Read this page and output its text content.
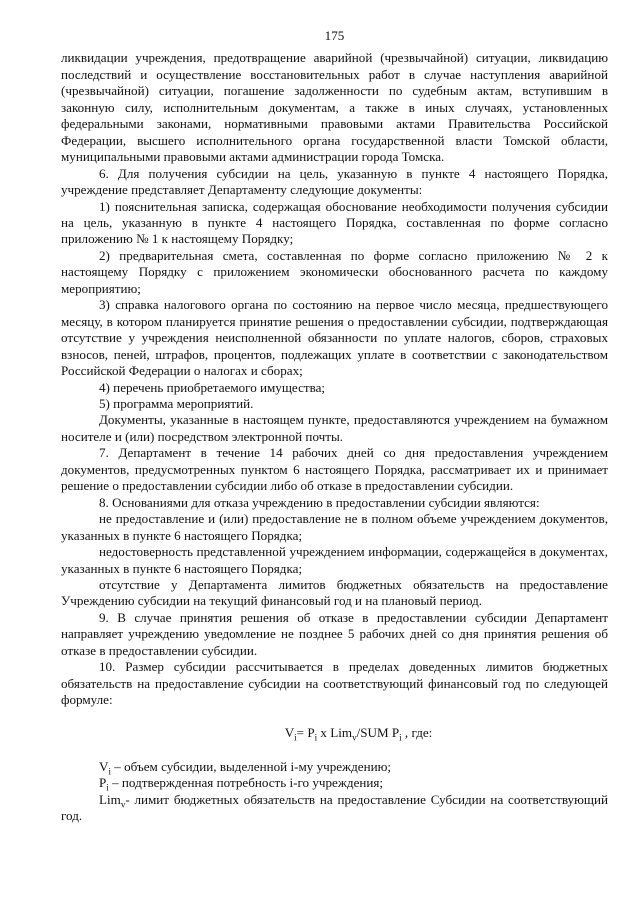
175

ликвидации учреждения, предотвращение аварийной (чрезвычайной) ситуации, ликвидацию последствий и осуществление восстановительных работ в случае наступления аварийной (чрезвычайной) ситуации, погашение задолженности по судебным актам, вступившим в законную силу, исполнительным документам, а также в иных случаях, установленных федеральными законами, нормативными правовыми актами Правительства Российской Федерации, высшего исполнительного органа государственной власти Томской области, муниципальными правовыми актами администрации города Томска.

6. Для получения субсидии на цель, указанную в пункте 4 настоящего Порядка, учреждение представляет Департаменту следующие документы:

1) пояснительная записка, содержащая обоснование необходимости получения субсидии на цель, указанную в пункте 4 настоящего Порядка, составленная по форме согласно приложению № 1 к настоящему Порядку;

2) предварительная смета, составленная по форме согласно приложению № 2 к настоящему Порядку с приложением экономически обоснованного расчета по каждому мероприятию;

3) справка налогового органа по состоянию на первое число месяца, предшествующего месяцу, в котором планируется принятие решения о предоставлении субсидии, подтверждающая отсутствие у учреждения неисполненной обязанности по уплате налогов, сборов, страховых взносов, пеней, штрафов, процентов, подлежащих уплате в соответствии с законодательством Российской Федерации о налогах и сборах;

4) перечень приобретаемого имущества;

5) программа мероприятий.

Документы, указанные в настоящем пункте, предоставляются учреждением на бумажном носителе и (или) посредством электронной почты.

7. Департамент в течение 14 рабочих дней со дня предоставления учреждением документов, предусмотренных пунктом 6 настоящего Порядка, рассматривает их и принимает решение о предоставлении субсидии либо об отказе в предоставлении субсидии.

8. Основаниями для отказа учреждению в предоставлении субсидии являются:

не предоставление и (или) предоставление не в полном объеме учреждением документов, указанных в пункте 6 настоящего Порядка;

недостоверность представленной учреждением информации, содержащейся в документах, указанных в пункте 6 настоящего Порядка;

отсутствие у Департамента лимитов бюджетных обязательств на предоставление Учреждению субсидии на текущий финансовый год и на плановый период.

9. В случае принятия решения об отказе в предоставлении субсидии Департамент направляет учреждению уведомление не позднее 5 рабочих дней со дня принятия решения об отказе в предоставлении субсидии.

10. Размер субсидии рассчитывается в пределах доведенных лимитов бюджетных обязательств на предоставление субсидии на соответствующий финансовый год по следующей формуле:

$V_i= P_i$ x Lim$_v$/SUM $P_i$ , где:

$V_i$ – объем субсидии, выделенной i-му учреждению;

$P_i$ – подтвержденная потребность i-го учреждения;

Lim$_v$- лимит бюджетных обязательств на предоставление Субсидии на соответствующий год.
